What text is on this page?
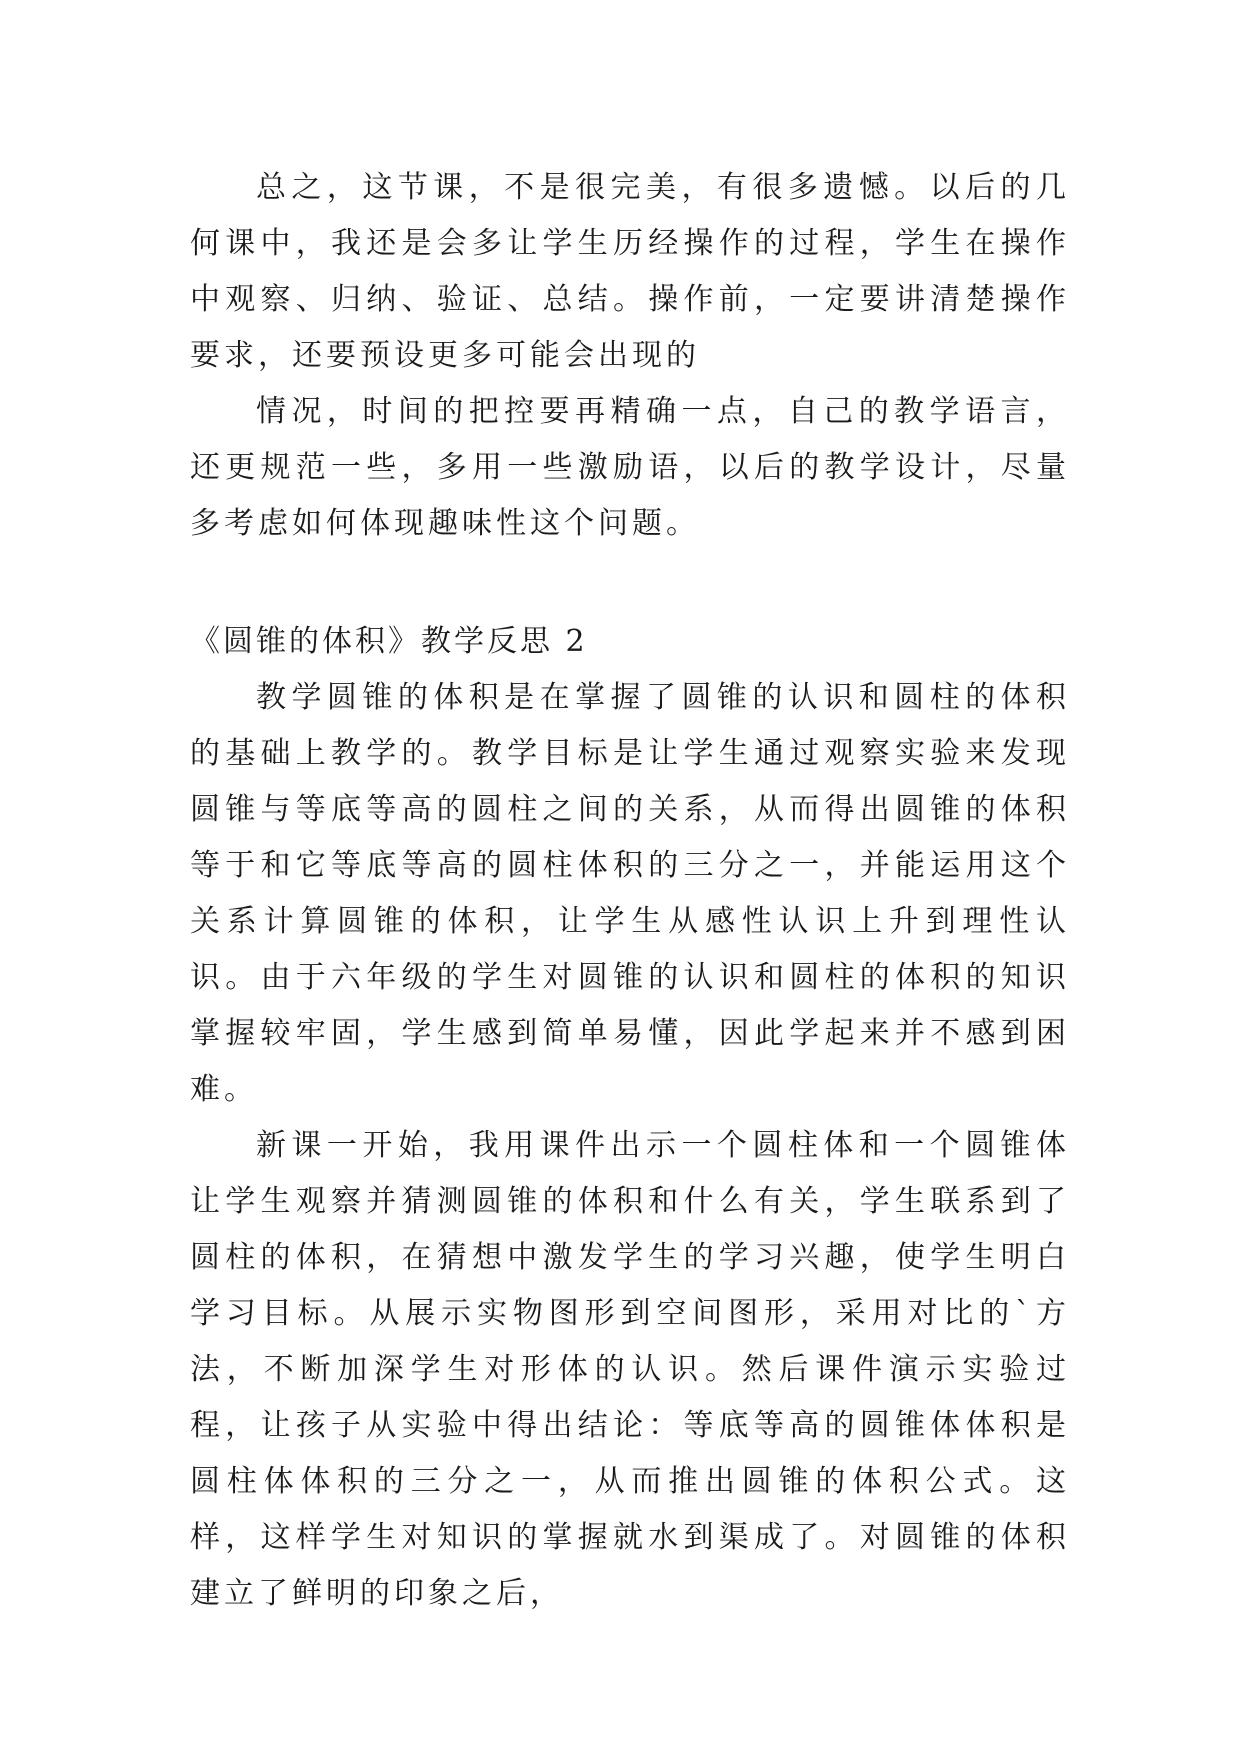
总之，这节课，不是很完美，有很多遗憾。以后的几何课中，我还是会多让学生历经操作的过程，学生在操作中观察、归纳、验证、总结。操作前，一定要讲清楚操作要求，还要预设更多可能会出现的

情况，时间的把控要再精确一点，自己的教学语言，还更规范一些，多用一些激励语，以后的教学设计，尽量多考虑如何体现趣味性这个问题。

《圆锥的体积》教学反思 2

教学圆锥的体积是在掌握了圆锥的认识和圆柱的体积的基础上教学的。教学目标是让学生通过观察实验来发现圆锥与等底等高的圆柱之间的关系，从而得出圆锥的体积等于和它等底等高的圆柱体积的三分之一，并能运用这个关系计算圆锥的体积，让学生从感性认识上升到理性认识。由于六年级的学生对圆锥的认识和圆柱的体积的知识掌握较牢固，学生感到简单易懂，因此学起来并不感到困难。

新课一开始，我用课件出示一个圆柱体和一个圆锥体让学生观察并猜测圆锥的体积和什么有关，学生联系到了圆柱的体积，在猜想中激发学生的学习兴趣，使学生明白学习目标。从展示实物图形到空间图形，采用对比的`方法，不断加深学生对形体的认识。然后课件演示实验过程，让孩子从实验中得出结论：等底等高的圆锥体体积是圆柱体体积的三分之一，从而推出圆锥的体积公式。这样，这样学生对知识的掌握就水到渠成了。对圆锥的体积建立了鲜明的印象之后，
